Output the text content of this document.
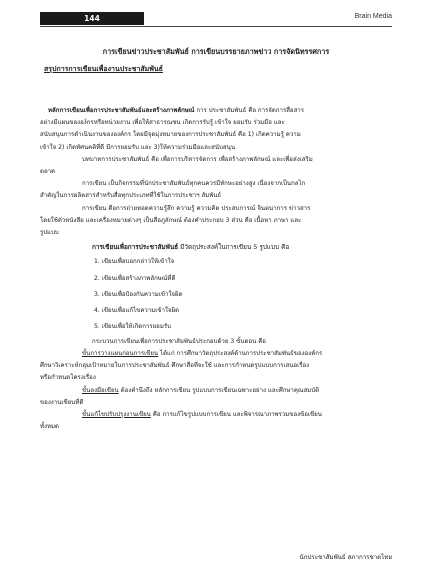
144	Brain Media
การเขียนข่าวประชาสัมพันธ์ การเขียนบรรยายภาพข่าว การจัดนิทรรศการ
สรุปการการเขียนเพื่องานประชาสัมพันธ์

หลักการเขียนเพื่อการประชาสัมพันธ์และสร้างภาพลักษณ์ การ ประชาสัมพันธ์ คือ การจัดการสื่อสาร
อย่างมีแผนขององ์กรหรือหน่วยงาน เพื่อให้สาธารณชน เกิดการรับรู้ เข้าใจ ยอมรับ ร่วมมือ และ
สนับสนุนการดำเนินงานขององค์กร โดยมีจุดมุ่งหมายของการประชาสัมพันธ์ คือ 1) เกิดความรู้ ความ
เข้าใจ 2) เกิดทัศนคติที่ดี มีการยอมรับ และ 3)ให้ความร่วมมือและสนับสนุน

บทบาทการประชาสัมพันธ์ คือ เพื่อการบริหารจัดการ เพื่อสร้างภาพลักษณ์ และเพื่อส่งเสริม
ตลาด

การเขียน เป็นกิจกรรมที่นักประชาสัมพันธ์ทุกคนควรมีทักษะอย่างสูง เนื่องจากเป็นกลไก
สำคัญในการผลิตสารสำหรับสื่อทุกประเภทที่ใช้ในการประชาฯ สัมพันธ์

การเขียน คือการถ่ายทอดความรู้สึก ความรู้ ความคิด ประสบการณ์ จินตนาการ ข่าวสาร
โดยใช้ตัวหนังสือ และเครื่องหมายต่างๆ เป็นสื่อภูลักษณ์ ต้องคำประกอบ 3 ส่วน คือ เนื้อหา ภาษา และ
รูปแบบ

การเขียนเพื่อการประชาสัมพันธ์ มีวัตถุประสงค์ในการเขียน 5 รูปแบบ คือ
1. เขียนเพื่อบอกกล่าวให้เข้าใจ
2. เขียนเพื่อสร้างภาพลักษณ์ที่ดี
3. เขียนเพื่อป้องกันความเข้าใจผิด
4. เขียนเพื่อแก้ไขความเข้าใจผิด
5. เขียนเพื่อให้เกิดการยอมรับ

กระบวนการเขียนเพื่อการประชาสัมพันธ์ประกอบด้วย 3 ขั้นตอน คือ

ขั้นการวางแผนก่อนการเขียน ได้แก่ การศึกษาวัตถุประสงค์ด้านการประชาสัมพันธ์ขององค์กร
ศึกษาวิเคราะห์กลุ่มเป้าหมายในการประชาสัมพันธ์ ศึกษาสื่อที่จะใช้ และการกำหนดรูปแบบการเสนอเรื่อง
หรือกำหนดโครงเรื่อง

ขั้นลงมือเขียน ต้องคำนึงถึง หลักการเขียน รูปแบบการเขียนเฉพาะอย่าง และศึกษาคุณสมบัติ
ของงานเขียนที่ดี

ขั้นแก้ไขปรับปรุงงานเขียน คือ การแก้ไขรูปแบบการเขียน และพิจารณาภาพรวมของข้อเขียน
ทั้งหมด

นักประชาสัมพันธ์ สภาการชาดไทย
